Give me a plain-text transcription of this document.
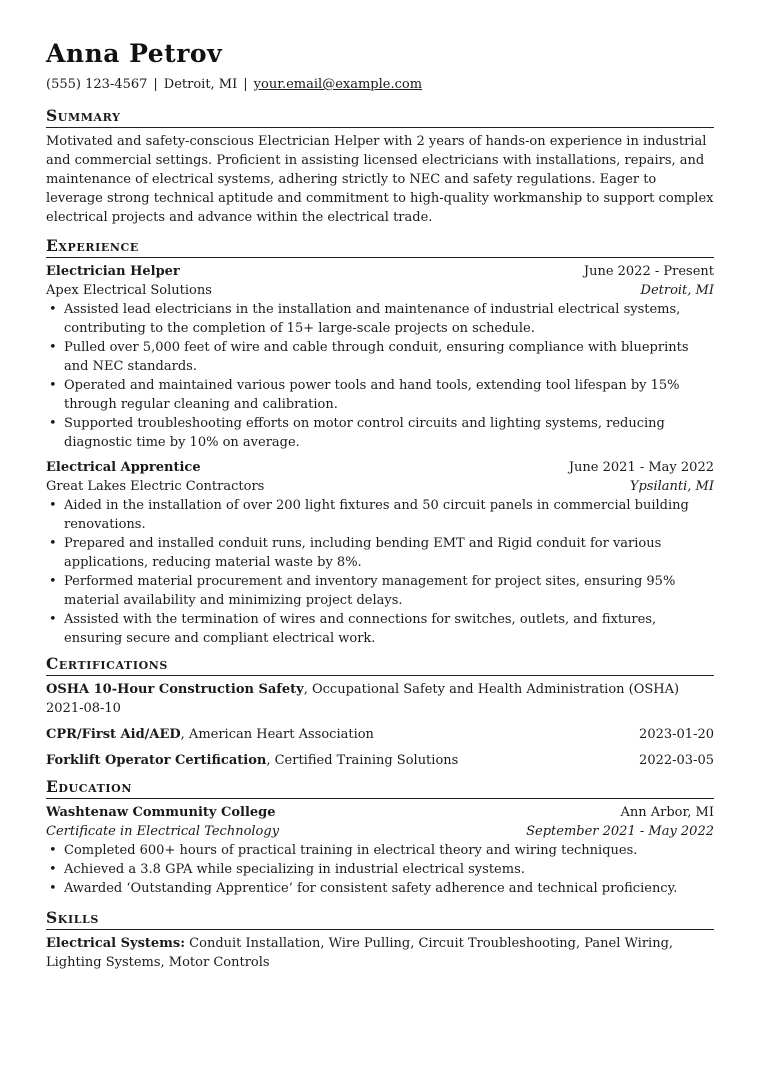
Anna Petrov
(555) 123-4567 | Detroit, MI | your.email@example.com
Summary

Motivated and safety-conscious Electrician Helper with 2 years of hands-on experience in industrial and commercial settings. Proficient in assisting licensed electricians with installations, repairs, and maintenance of electrical systems, adhering strictly to NEC and safety regulations. Eager to leverage strong technical aptitude and commitment to high-quality workmanship to support complex electrical projects and advance within the electrical trade.

Experience
Electrician Helper	June 2022 - Present
Apex Electrical Solutions	Detroit, MI
• Assisted lead electricians in the installation and maintenance of industrial electrical systems, contributing to the completion of 15+ large-scale projects on schedule.
• Pulled over 5,000 feet of wire and cable through conduit, ensuring compliance with blueprints and NEC standards.
• Operated and maintained various power tools and hand tools, extending tool lifespan by 15% through regular cleaning and calibration.
• Supported troubleshooting efforts on motor control circuits and lighting systems, reducing diagnostic time by 10% on average.
Electrical Apprentice	June 2021 - May 2022
Great Lakes Electric Contractors	Ypsilanti, MI
• Aided in the installation of over 200 light fixtures and 50 circuit panels in commercial building renovations.
• Prepared and installed conduit runs, including bending EMT and Rigid conduit for various applications, reducing material waste by 8%.
• Performed material procurement and inventory management for project sites, ensuring 95% material availability and minimizing project delays.
• Assisted with the termination of wires and connections for switches, outlets, and fixtures, ensuring secure and compliant electrical work.
Certifications
OSHA 10-Hour Construction Safety, Occupational Safety and Health Administration (OSHA)
2021-08-10
CPR/First Aid/AED, American Heart Association	2023-01-20
Forklift Operator Certification, Certified Training Solutions	2022-03-05
Education
Washtenaw Community College	Ann Arbor, MI
Certificate in Electrical Technology	September 2021 - May 2022
• Completed 600+ hours of practical training in electrical theory and wiring techniques.
• Achieved a 3.8 GPA while specializing in industrial electrical systems.
• Awarded ‘Outstanding Apprentice’ for consistent safety adherence and technical proficiency.
Skills

Electrical Systems: Conduit Installation, Wire Pulling, Circuit Troubleshooting, Panel Wiring, Lighting Systems, Motor Controls
